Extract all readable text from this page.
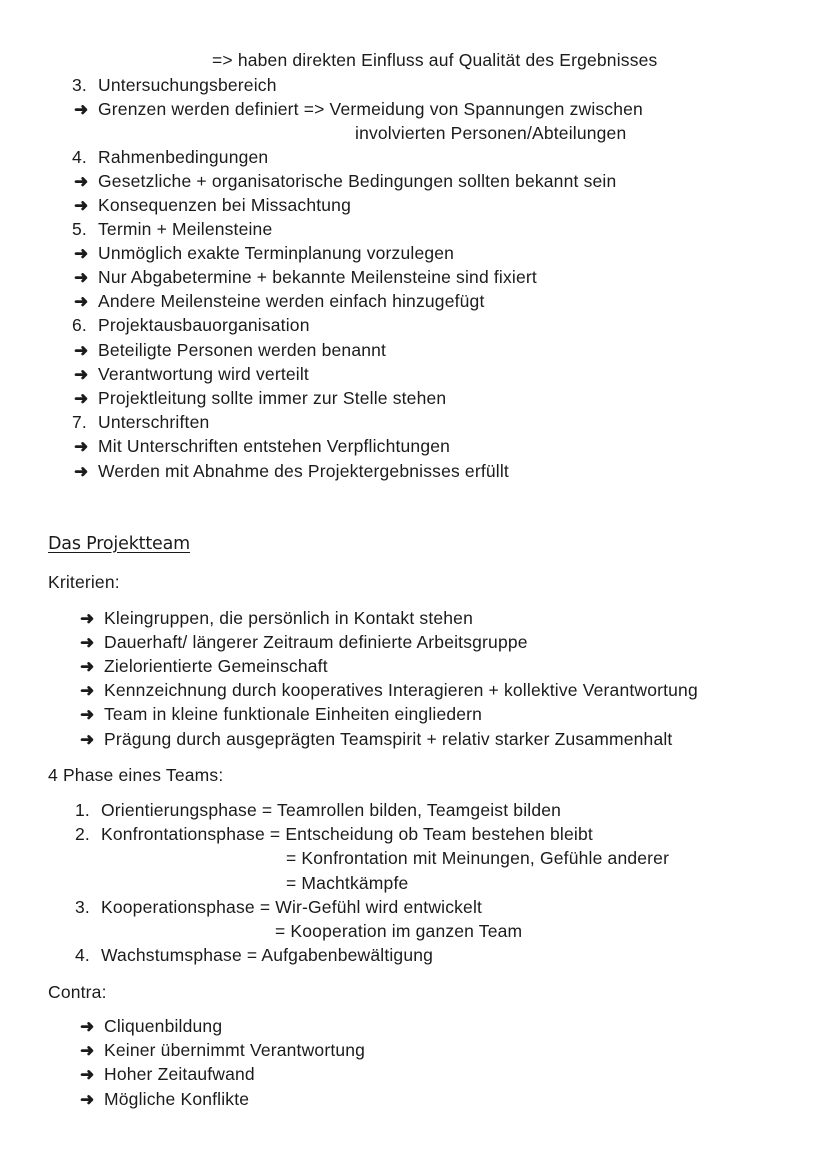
=> haben direkten Einfluss auf Qualität des Ergebnisses
3. Untersuchungsbereich
➜ Grenzen werden definiert => Vermeidung von Spannungen zwischen
involvierten Personen/Abteilungen
4. Rahmenbedingungen
➜ Gesetzliche + organisatorische Bedingungen sollten bekannt sein
➜ Konsequenzen bei Missachtung
5. Termin + Meilensteine
➜ Unmöglich exakte Terminplanung vorzulegen
➜ Nur Abgabetermine + bekannte Meilensteine sind fixiert
➜ Andere Meilensteine werden einfach hinzugefügt
6. Projektausbauorganisation
➜ Beteiligte Personen werden benannt
➜ Verantwortung wird verteilt
➜ Projektleitung sollte immer zur Stelle stehen
7. Unterschriften
➜ Mit Unterschriften entstehen Verpflichtungen
➜ Werden mit Abnahme des Projektergebnisses erfüllt
Das Projektteam
Kriterien:
➜ Kleingruppen, die persönlich in Kontakt stehen
➜ Dauerhaft/ längerer Zeitraum definierte Arbeitsgruppe
➜ Zielorientierte Gemeinschaft
➜ Kennzeichnung durch kooperatives Interagieren + kollektive Verantwortung
➜ Team in kleine funktionale Einheiten eingliedern
➜ Prägung durch ausgeprägten Teamspirit + relativ starker Zusammenhalt
4 Phase eines Teams:
1. Orientierungsphase = Teamrollen bilden, Teamgeist bilden
2. Konfrontationsphase = Entscheidung ob Team bestehen bleibt
= Konfrontation mit Meinungen, Gefühle anderer
= Machtkämpfe
3. Kooperationsphase = Wir-Gefühl wird entwickelt
= Kooperation im ganzen Team
4. Wachstumsphase = Aufgabenbewältigung
Contra:
➜ Cliquenbildung
➜ Keiner übernimmt Verantwortung
➜ Hoher Zeitaufwand
➜ Mögliche Konflikte
